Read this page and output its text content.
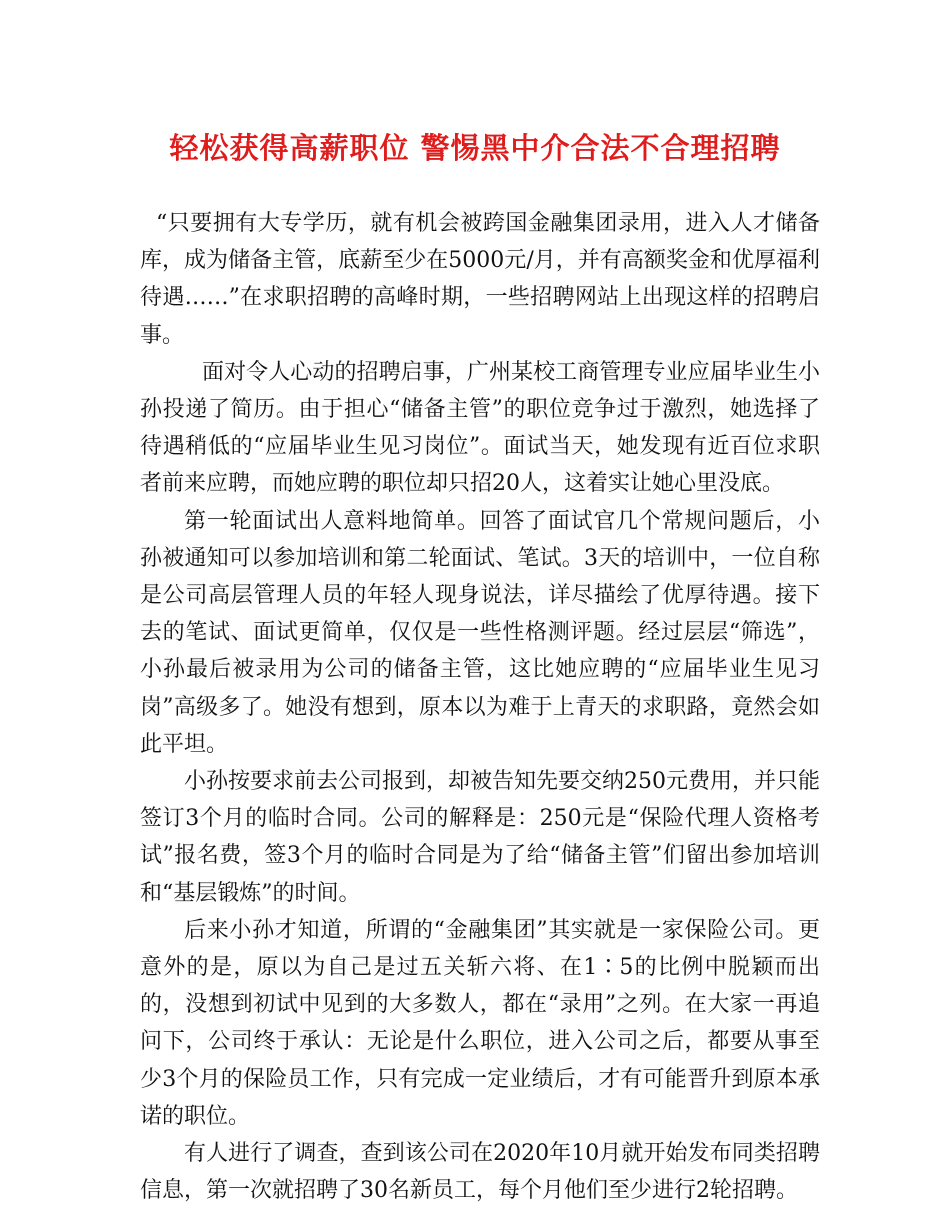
轻松获得高薪职位 警惕黑中介合法不合理招聘

“只要拥有大专学历，就有机会被跨国金融集团录用，进入人才储备库，成为储备主管，底薪至少在5000元/月，并有高额奖金和优厚福利待遇……”在求职招聘的高峰时期，一些招聘网站上出现这样的招聘启事。

面对令人心动的招聘启事，广州某校工商管理专业应届毕业生小孙投递了简历。由于担心“储备主管”的职位竞争过于激烈，她选择了待遇稍低的“应届毕业生见习岗位”。面试当天，她发现有近百位求职者前来应聘，而她应聘的职位却只招20人，这着实让她心里没底。

第一轮面试出人意料地简单。回答了面试官几个常规问题后，小孙被通知可以参加培训和第二轮面试、笔试。3天的培训中，一位自称是公司高层管理人员的年轻人现身说法，详尽描绘了优厚待遇。接下去的笔试、面试更简单，仅仅是一些性格测评题。经过层层“筛选”，小孙最后被录用为公司的储备主管，这比她应聘的“应届毕业生见习岗”高级多了。她没有想到，原本以为难于上青天的求职路，竟然会如此平坦。

小孙按要求前去公司报到，却被告知先要交纳250元费用，并只能签订3个月的临时合同。公司的解释是：250元是“保险代理人资格考试”报名费，签3个月的临时合同是为了给“储备主管”们留出参加培训和“基层锻炼”的时间。

后来小孙才知道，所谓的“金融集团”其实就是一家保险公司。更意外的是，原以为自己是过五关斩六将、在1∶5的比例中脱颖而出的，没想到初试中见到的大多数人，都在“录用”之列。在大家一再追问下，公司终于承认：无论是什么职位，进入公司之后，都要从事至少3个月的保险员工作，只有完成一定业绩后，才有可能晋升到原本承诺的职位。

有人进行了调查，查到该公司在2020年10月就开始发布同类招聘信息，第一次就招聘了30名新员工，每个月他们至少进行2轮招聘。
